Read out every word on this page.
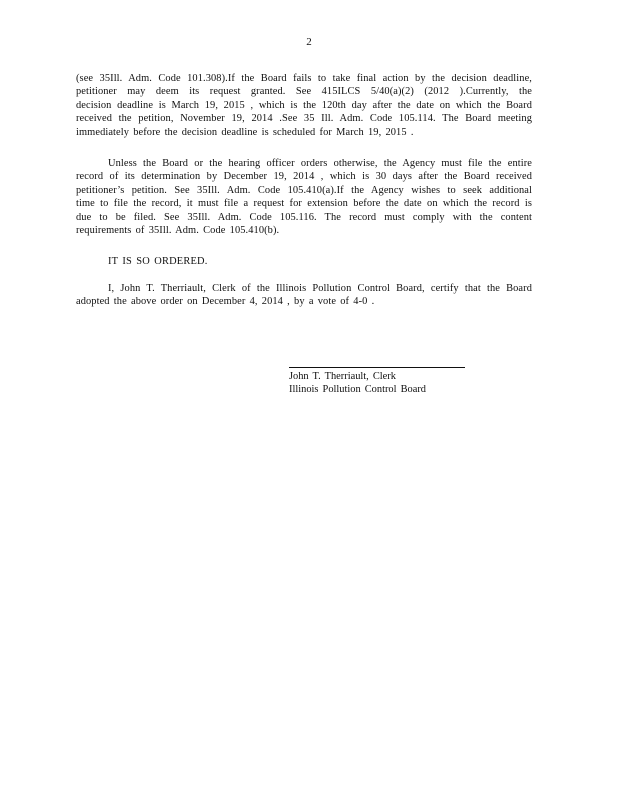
2
(see 35Ill. Adm. Code 101.308).If the Board fails to take final action by the decision deadline,
petitioner may deem its request granted. See 415ILCS 5/40(a)(2) (2012 ).Currently, the
decision deadline is March 19, 2015 , which is the 120th day after the date on which the Board
received the petition, November 19, 2014 .See 35 Ill. Adm. Code 105.114. The Board meeting
immediately before the decision deadline is scheduled for March 19, 2015 .
Unless the Board or the hearing officer orders otherwise, the Agency must file the entire
record of its determination by December 19, 2014 , which is 30 days after the Board received
petitioner’s petition. See 35Ill. Adm. Code 105.410(a).If the Agency wishes to seek additional
time to file the record, it must file a request for extension before the date on which the record is
due to be filed. See 35Ill. Adm. Code 105.116. The record must comply with the content
requirements of 35Ill. Adm. Code 105.410(b).
IT IS SO ORDERED.
I, John T. Therriault, Clerk of the Illinois Pollution Control Board, certify that the Board
adopted the above order on December 4, 2014 , by a vote of 4-0 .
John T. Therriault, Clerk
Illinois Pollution Control Board
